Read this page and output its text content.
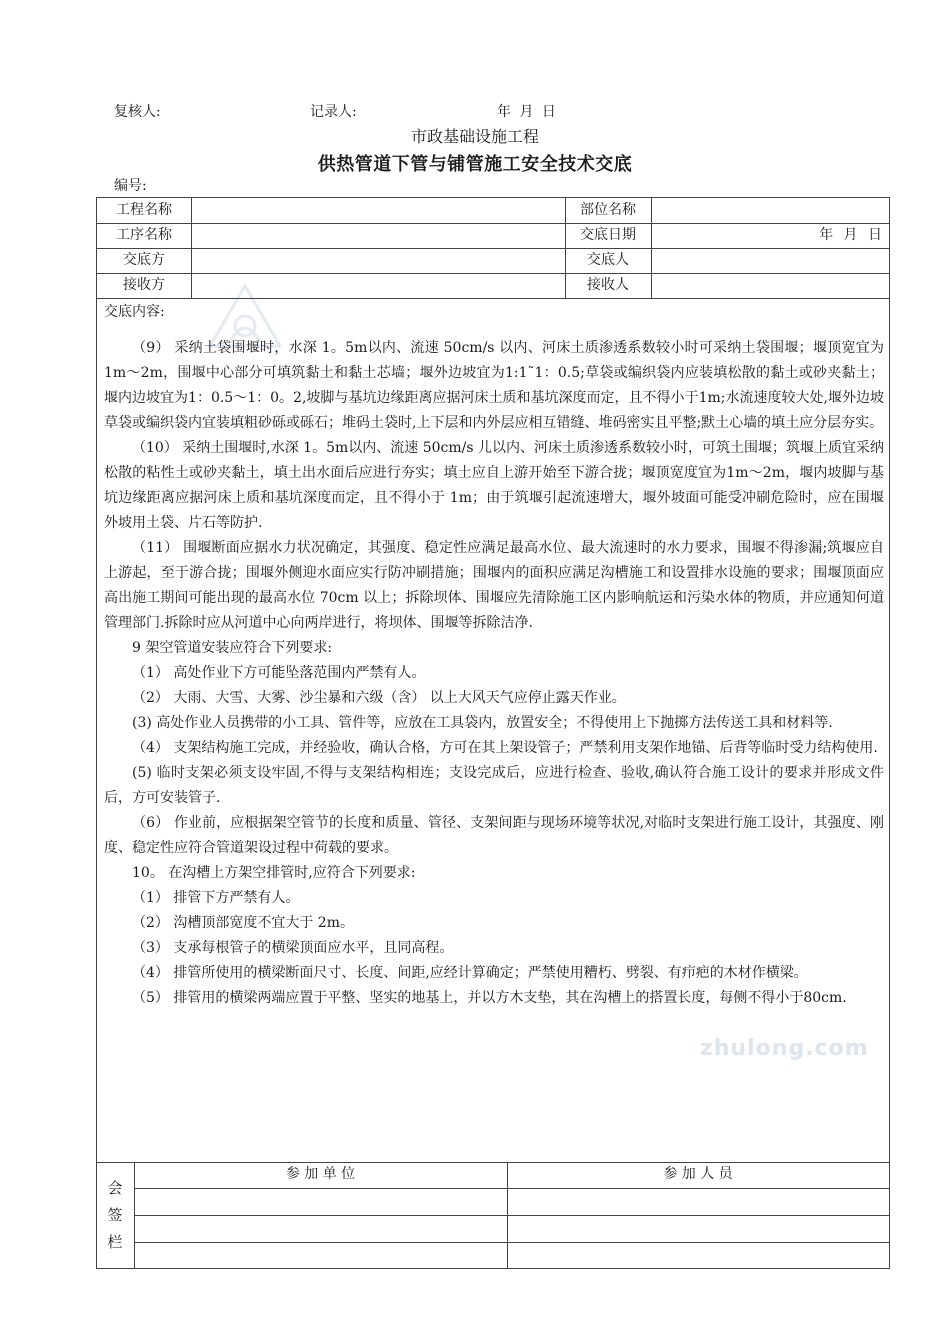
复核人:	记录人:	年 月 日
市政基础设施工程
供热管道下管与铺管施工安全技术交底
编号:
工程名称	部位名称
工序名称	交底日期	年 月 日
交底方	交底人
接收方	接收人

交底内容:

（9） 采纳土袋围堰时，水深 1。5m以内、流速 50cm/s 以内、河床土质渗透系数较小时可采纳土袋围堰；堰顶宽宜为1m～2m，围堰中心部分可填筑黏土和黏土芯墙；堰外边坡宜为1:1˜1：0.5;草袋或编织袋内应装填松散的黏土或砂夹黏土；堰内边坡宜为1：0.5～1：0。2,坡脚与基坑边缘距离应据河床土质和基坑深度而定，且不得小于1m;水流速度较大处,堰外边坡草袋或编织袋内宜装填粗砂砾或砾石；堆码土袋时,上下层和内外层应相互错缝、堆码密实且平整;默土心墙的填土应分层夯实。

（10） 采纳土围堰时,水深 1。5m以内、流速 50cm/s 儿以内、河床土质渗透系数较小时，可筑土围堰；筑堰上质宜采纳松散的粘性土或砂夹黏土，填土出水面后应进行夯实；填土应自上游开始至下游合拢；堰顶宽度宜为1m～2m，堰内坡脚与基坑边缘距离应据河床上质和基坑深度而定，且不得小于 1m；由于筑堰引起流速增大，堰外坡面可能受冲刷危险时，应在围堰外坡用土袋、片石等防护.

（11） 围堰断面应据水力状况确定，其强度、稳定性应满足最高水位、最大流速时的水力要求，围堰不得渗漏;筑堰应自上游起，至于游合拢；围堰外侧迎水面应实行防冲刷措施；围堰内的面积应满足沟槽施工和设置排水设施的要求；围堰顶面应高出施工期间可能出现的最高水位 70cm 以上；拆除坝体、围堰应先清除施工区内影响航运和污染水体的物质，并应通知何道管理部门.拆除时应从河道中心向两岸进行，将坝体、围堰等拆除洁净.

9 架空管道安装应符合下列要求:

（1） 高处作业下方可能坠落范围内严禁有人。

（2） 大雨、大雪、大雾、沙尘暴和六级（含） 以上大风天气应停止露天作业。

(3) 高处作业人员携带的小工具、管件等，应放在工具袋内，放置安全；不得使用上下抛掷方法传送工具和材料等.

（4） 支架结构施工完成，并经验收，确认合格，方可在其上架设管子；严禁利用支架作地锚、后背等临时受力结构使用.

(5) 临时支架必须支设牢固,不得与支架结构相连；支设完成后，应进行检查、验收,确认符合施工设计的要求并形成文件后，方可安装管子.

（6） 作业前，应根据架空管节的长度和质量、管径、支架间距与现场环境等状况,对临时支架进行施工设计，其强度、刚度、稳定性应符合管道架设过程中荷载的要求。

10。 在沟槽上方架空排管时,应符合下列要求:

（1） 排管下方严禁有人。

（2） 沟槽顶部宽度不宜大于 2m。

（3） 支承每根管子的横梁顶面应水平，且同高程。

（4） 排管所使用的横梁断面尺寸、长度、间距,应经计算确定；严禁使用糟朽、劈裂、有疖疤的木材作横梁。

（5） 排管用的横梁两端应置于平整、坚实的地基上，并以方木支垫，其在沟槽上的搭置长度，每侧不得小于80cm.

zhulong.com
会
签
栏
参 加 单 位	参 加 人 员
